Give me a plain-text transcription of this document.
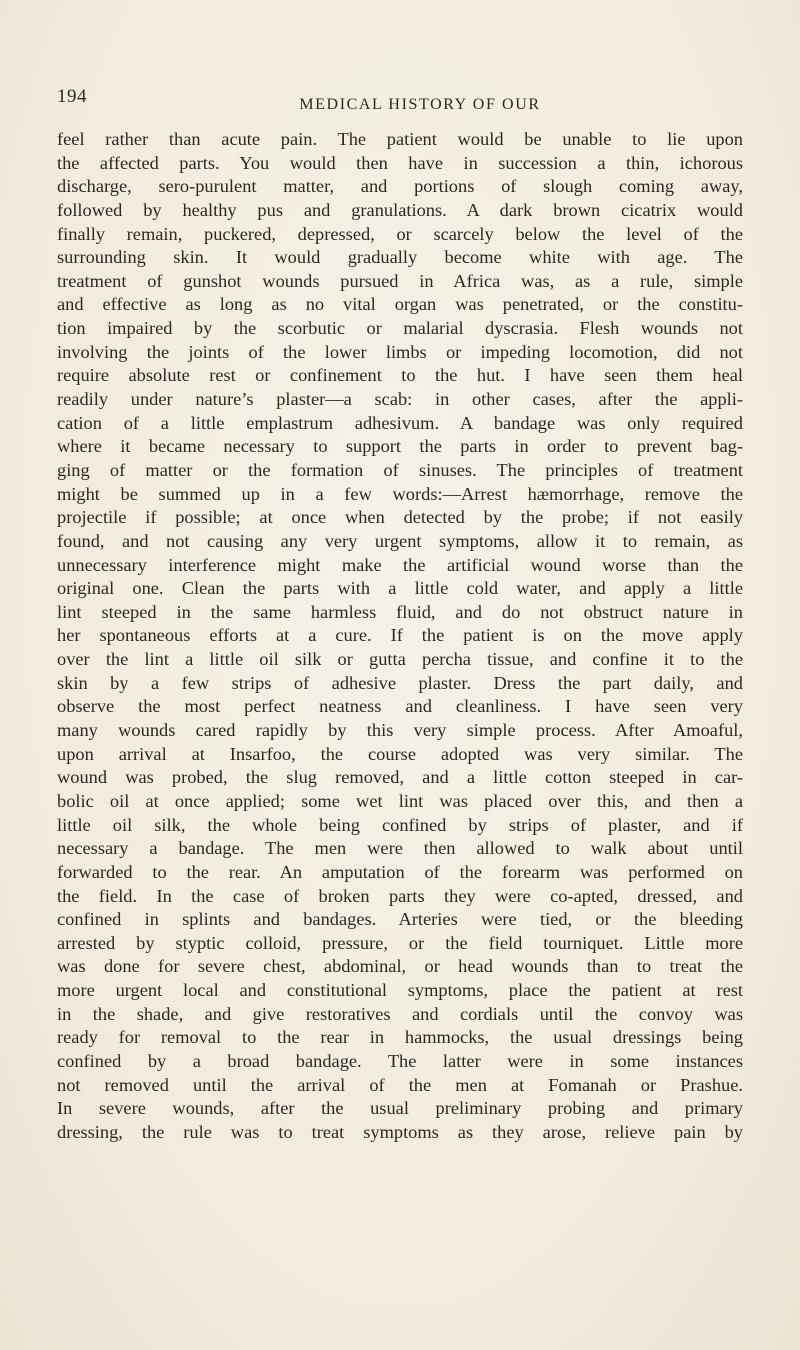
194	MEDICAL HISTORY OF OUR
feel rather than acute pain. The patient would be unable to lie upon
the affected parts. You would then have in succession a thin, ichorous
discharge, sero-purulent matter, and portions of slough coming away,
followed by healthy pus and granulations. A dark brown cicatrix would
finally remain, puckered, depressed, or scarcely below the level of the
surrounding skin. It would gradually become white with age. The
treatment of gunshot wounds pursued in Africa was, as a rule, simple
and effective as long as no vital organ was penetrated, or the constitu-
tion impaired by the scorbutic or malarial dyscrasia. Flesh wounds not
involving the joints of the lower limbs or impeding locomotion, did not
require absolute rest or confinement to the hut. I have seen them heal
readily under nature’s plaster—a scab: in other cases, after the appli-
cation of a little emplastrum adhesivum. A bandage was only required
where it became necessary to support the parts in order to prevent bag-
ging of matter or the formation of sinuses. The principles of treatment
might be summed up in a few words:—Arrest hæmorrhage, remove the
projectile if possible; at once when detected by the probe; if not easily
found, and not causing any very urgent symptoms, allow it to remain, as
unnecessary interference might make the artificial wound worse than the
original one. Clean the parts with a little cold water, and apply a little
lint steeped in the same harmless fluid, and do not obstruct nature in
her spontaneous efforts at a cure. If the patient is on the move apply
over the lint a little oil silk or gutta percha tissue, and confine it to the
skin by a few strips of adhesive plaster. Dress the part daily, and
observe the most perfect neatness and cleanliness. I have seen very
many wounds cared rapidly by this very simple process. After Amoaful,
upon arrival at Insarfoo, the course adopted was very similar. The
wound was probed, the slug removed, and a little cotton steeped in car-
bolic oil at once applied; some wet lint was placed over this, and then a
little oil silk, the whole being confined by strips of plaster, and if
necessary a bandage. The men were then allowed to walk about until
forwarded to the rear. An amputation of the forearm was performed on
the field. In the case of broken parts they were co-apted, dressed, and
confined in splints and bandages. Arteries were tied, or the bleeding
arrested by styptic colloid, pressure, or the field tourniquet. Little more
was done for severe chest, abdominal, or head wounds than to treat the
more urgent local and constitutional symptoms, place the patient at rest
in the shade, and give restoratives and cordials until the convoy was
ready for removal to the rear in hammocks, the usual dressings being
confined by a broad bandage. The latter were in some instances
not removed until the arrival of the men at Fomanah or Prashue.
In severe wounds, after the usual preliminary probing and primary
dressing, the rule was to treat symptoms as they arose, relieve pain by
